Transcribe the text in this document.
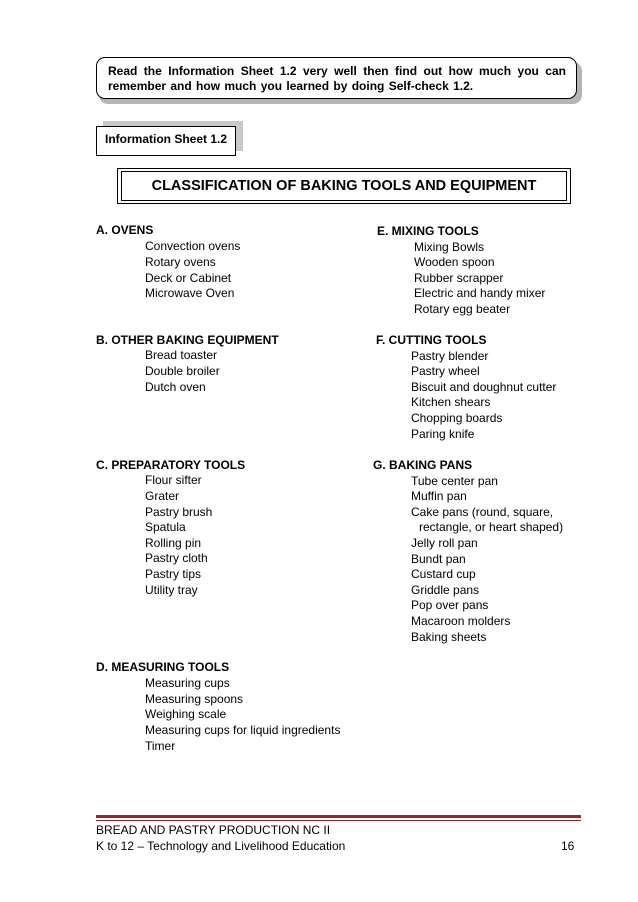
Read the Information Sheet 1.2 very well then find out how much you can
remember and how much you learned by doing Self-check 1.2.
Information Sheet 1.2
CLASSIFICATION OF BAKING TOOLS AND EQUIPMENT
A. OVENS
Convection ovens
Rotary ovens
Deck or Cabinet
Microwave Oven
B. OTHER BAKING EQUIPMENT
Bread toaster
Double broiler
Dutch oven
C. PREPARATORY TOOLS
Flour sifter
Grater
Pastry brush
Spatula
Rolling pin
Pastry cloth
Pastry tips
Utility tray
D. MEASURING TOOLS
Measuring cups
Measuring spoons
Weighing scale
Measuring cups for liquid ingredients
Timer
E. MIXING TOOLS
Mixing Bowls
Wooden spoon
Rubber scrapper
Electric and handy mixer
Rotary egg beater
F. CUTTING TOOLS
Pastry blender
Pastry wheel
Biscuit and doughnut cutter
Kitchen shears
Chopping boards
Paring knife
G. BAKING PANS
Tube center pan
Muffin pan
Cake pans (round, square,
rectangle, or heart shaped)
Jelly roll pan
Bundt pan
Custard cup
Griddle pans
Pop over pans
Macaroon molders
Baking sheets
BREAD AND PASTRY PRODUCTION NC II
K to 12 – Technology and Livelihood Education	16
